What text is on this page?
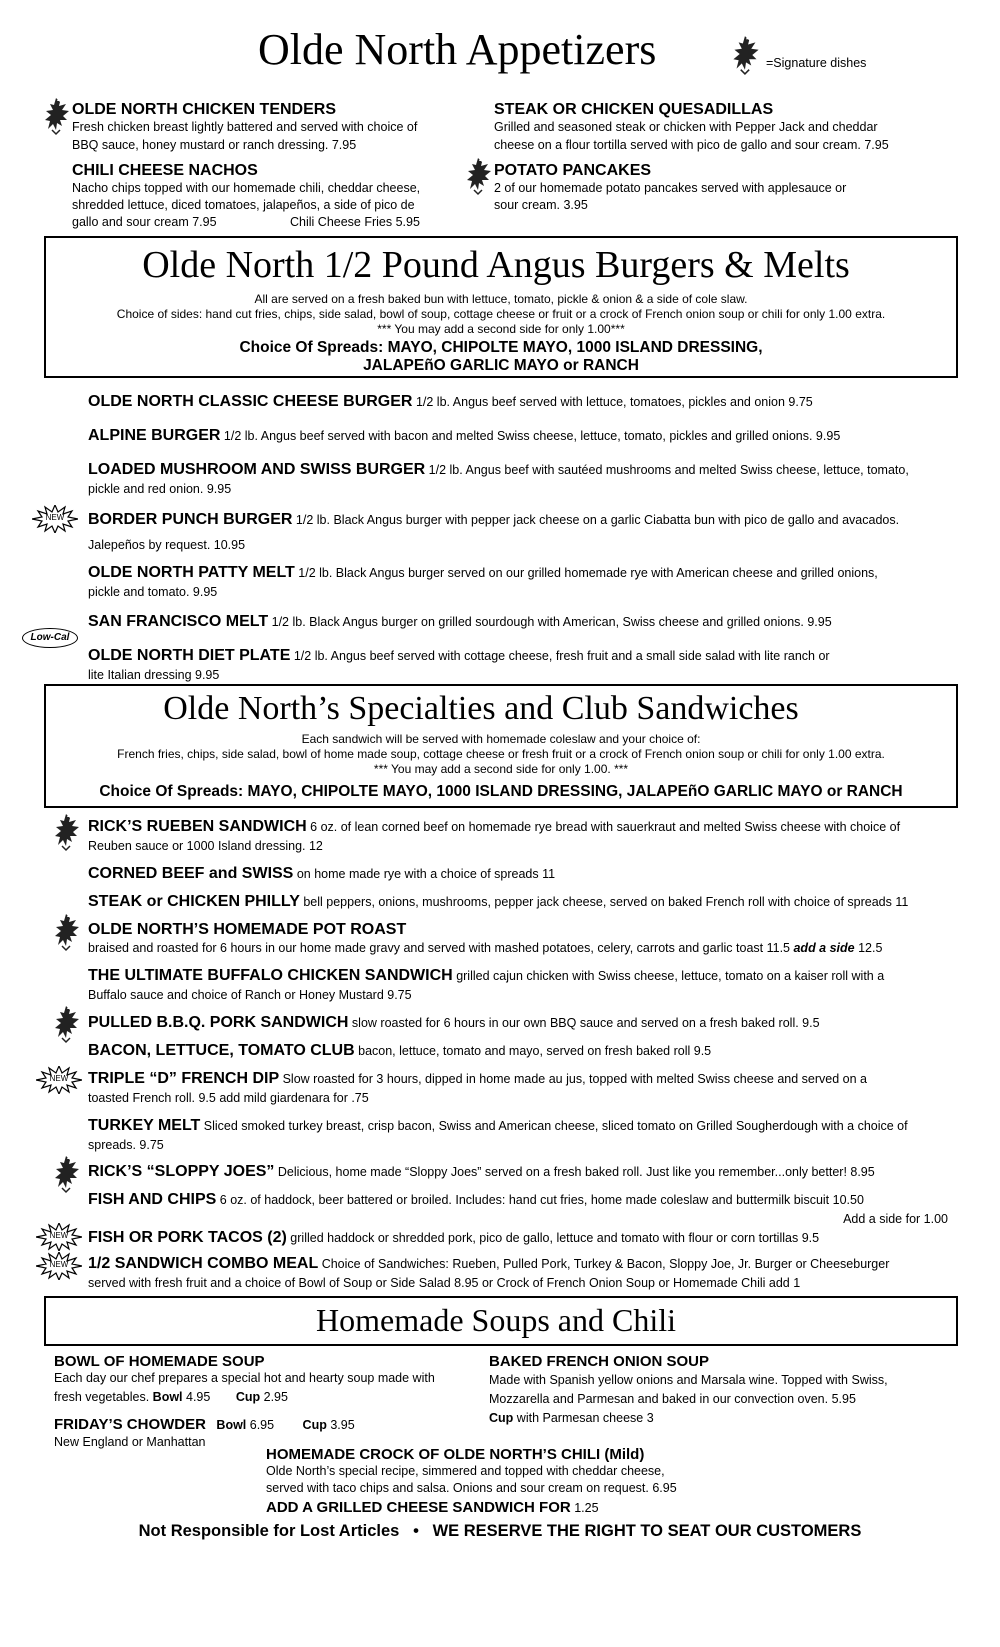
Olde North Appetizers	=Signature dishes
OLDE NORTH CHICKEN TENDERS
Fresh chicken breast lightly battered and served with choice of
BBQ sauce, honey mustard or ranch dressing. 7.95
CHILI CHEESE NACHOS
Nacho chips topped with our homemade chili, cheddar cheese,
shredded lettuce, diced tomatoes, jalapeños, a side of pico de
gallo and sour cream 7.95	Chili Cheese Fries 5.95
STEAK OR CHICKEN QUESADILLAS
Grilled and seasoned steak or chicken with Pepper Jack and cheddar
cheese on a flour tortilla served with pico de gallo and sour cream. 7.95
POTATO PANCAKES
2 of our homemade potato pancakes served with applesauce or
sour cream. 3.95
Olde North 1/2 Pound Angus Burgers & Melts
All are served on a fresh baked bun with lettuce, tomato, pickle & onion & a side of cole slaw.
Choice of sides: hand cut fries, chips, side salad, bowl of soup, cottage cheese or fruit or a crock of French onion soup or chili for only 1.00 extra.
*** You may add a second side for only 1.00***
Choice Of Spreads: MAYO, CHIPOLTE MAYO, 1000 ISLAND DRESSING,
JALAPEñO GARLIC MAYO or RANCH
OLDE NORTH CLASSIC CHEESE BURGER 1/2 lb. Angus beef served with lettuce, tomatoes, pickles and onion 9.75
ALPINE BURGER 1/2 lb. Angus beef served with bacon and melted Swiss cheese, lettuce, tomato, pickles and grilled onions. 9.95
LOADED MUSHROOM AND SWISS BURGER 1/2 lb. Angus beef with sautéed mushrooms and melted Swiss cheese, lettuce, tomato,
pickle and red onion. 9.95
NEW	BORDER PUNCH BURGER 1/2 lb. Black Angus burger with pepper jack cheese on a garlic Ciabatta bun with pico de gallo and avacados.
Jalepeños by request. 10.95
OLDE NORTH PATTY MELT 1/2 lb. Black Angus burger served on our grilled homemade rye with American cheese and grilled onions,
pickle and tomato. 9.95
SAN FRANCISCO MELT 1/2 lb. Black Angus burger on grilled sourdough with American, Swiss cheese and grilled onions. 9.95
Low-Cal
OLDE NORTH DIET PLATE 1/2 lb. Angus beef served with cottage cheese, fresh fruit and a small side salad with lite ranch or
lite Italian dressing 9.95
Olde North’s Specialties and Club Sandwiches
Each sandwich will be served with homemade coleslaw and your choice of:
French fries, chips, side salad, bowl of home made soup, cottage cheese or fresh fruit or a crock of French onion soup or chili for only 1.00 extra.
*** You may add a second side for only 1.00. ***
Choice Of Spreads: MAYO, CHIPOLTE MAYO, 1000 ISLAND DRESSING, JALAPEñO GARLIC MAYO or RANCH
RICK’S RUEBEN SANDWICH 6 oz. of lean corned beef on homemade rye bread with sauerkraut and melted Swiss cheese with choice of
Reuben sauce or 1000 Island dressing. 12
CORNED BEEF and SWISS on home made rye with a choice of spreads 11
STEAK or CHICKEN PHILLY bell peppers, onions, mushrooms, pepper jack cheese, served on baked French roll with choice of spreads 11
OLDE NORTH’S HOMEMADE POT ROAST
braised and roasted for 6 hours in our home made gravy and served with mashed potatoes, celery, carrots and garlic toast 11.5 add a side 12.5
THE ULTIMATE BUFFALO CHICKEN SANDWICH grilled cajun chicken with Swiss cheese, lettuce, tomato on a kaiser roll with a
Buffalo sauce and choice of Ranch or Honey Mustard 9.75
PULLED B.B.Q. PORK SANDWICH slow roasted for 6 hours in our own BBQ sauce and served on a fresh baked roll. 9.5
BACON, LETTUCE, TOMATO CLUB bacon, lettuce, tomato and mayo, served on fresh baked roll 9.5
NEW	TRIPLE “D” FRENCH DIP Slow roasted for 3 hours, dipped in home made au jus, topped with melted Swiss cheese and served on a
toasted French roll. 9.5 add mild giardenara for .75
TURKEY MELT Sliced smoked turkey breast, crisp bacon, Swiss and American cheese, sliced tomato on Grilled Sougherdough with a choice of
spreads. 9.75
RICK’S “SLOPPY JOES” Delicious, home made “Sloppy Joes” served on a fresh baked roll. Just like you remember...only better! 8.95
FISH AND CHIPS 6 oz. of haddock, beer battered or broiled. Includes: hand cut fries, home made coleslaw and buttermilk biscuit 10.50
Add a side for 1.00
NEW	FISH OR PORK TACOS (2) grilled haddock or shredded pork, pico de gallo, lettuce and tomato with flour or corn tortillas 9.5
NEW	1/2 SANDWICH COMBO MEAL Choice of Sandwiches: Rueben, Pulled Pork, Turkey & Bacon, Sloppy Joe, Jr. Burger or Cheeseburger
served with fresh fruit and a choice of Bowl of Soup or Side Salad 8.95 or Crock of French Onion Soup or Homemade Chili add 1
Homemade Soups and Chili
BOWL OF HOMEMADE SOUP
Each day our chef prepares a special hot and hearty soup made with
fresh vegetables. Bowl 4.95 Cup 2.95
FRIDAY’S CHOWDER Bowl 6.95 Cup 3.95
New England or Manhattan
BAKED FRENCH ONION SOUP
Made with Spanish yellow onions and Marsala wine. Topped with Swiss,
Mozzarella and Parmesan and baked in our convection oven. 5.95
Cup with Parmesan cheese 3
HOMEMADE CROCK OF OLDE NORTH’S CHILI (Mild)
Olde North’s special recipe, simmered and topped with cheddar cheese,
served with taco chips and salsa. Onions and sour cream on request. 6.95
ADD A GRILLED CHEESE SANDWICH FOR 1.25
Not Responsible for Lost Articles   •   WE RESERVE THE RIGHT TO SEAT OUR CUSTOMERS
